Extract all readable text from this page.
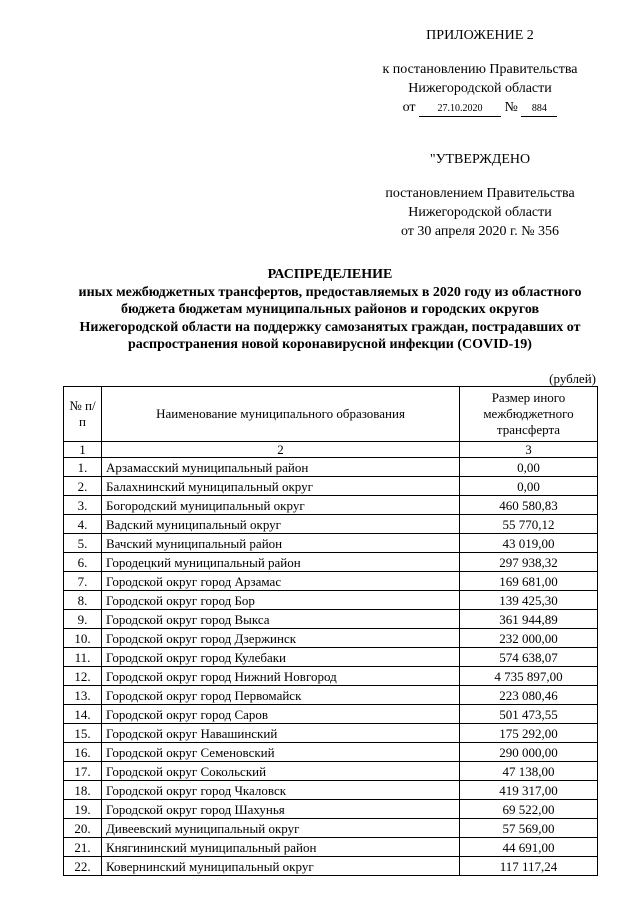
ПРИЛОЖЕНИЕ 2
к постановлению Правительства
Нижегородской области
от 27.10.2020 № 884
"УТВЕРЖДЕНО
постановлением Правительства
Нижегородской области
от 30 апреля 2020 г. № 356
РАСПРЕДЕЛЕНИЕ
иных межбюджетных трансфертов, предоставляемых в 2020 году из областного бюджета бюджетам муниципальных районов и городских округов Нижегородской области на поддержку самозанятых граждан, пострадавших от распространения новой коронавирусной инфекции (COVID-19)
(рублей)
№ п/п	Наименование муниципального образования	Размер иного межбюджетного трансферта
1	2	3
1.	Арзамасский муниципальный район	0,00
2.	Балахнинский муниципальный округ	0,00
3.	Богородский муниципальный округ	460 580,83
4.	Вадский муниципальный округ	55 770,12
5.	Вачский муниципальный район	43 019,00
6.	Городецкий муниципальный район	297 938,32
7.	Городской округ город Арзамас	169 681,00
8.	Городской округ город Бор	139 425,30
9.	Городской округ город Выкса	361 944,89
10.	Городской округ город Дзержинск	232 000,00
11.	Городской округ город Кулебаки	574 638,07
12.	Городской округ город Нижний Новгород	4 735 897,00
13.	Городской округ город Первомайск	223 080,46
14.	Городской округ город Саров	501 473,55
15.	Городской округ Навашинский	175 292,00
16.	Городской округ Семеновский	290 000,00
17.	Городской округ Сокольский	47 138,00
18.	Городской округ город Чкаловск	419 317,00
19.	Городской округ город Шахунья	69 522,00
20.	Дивеевский муниципальный округ	57 569,00
21.	Княгининский муниципальный район	44 691,00
22.	Ковернинский муниципальный округ	117 117,24
